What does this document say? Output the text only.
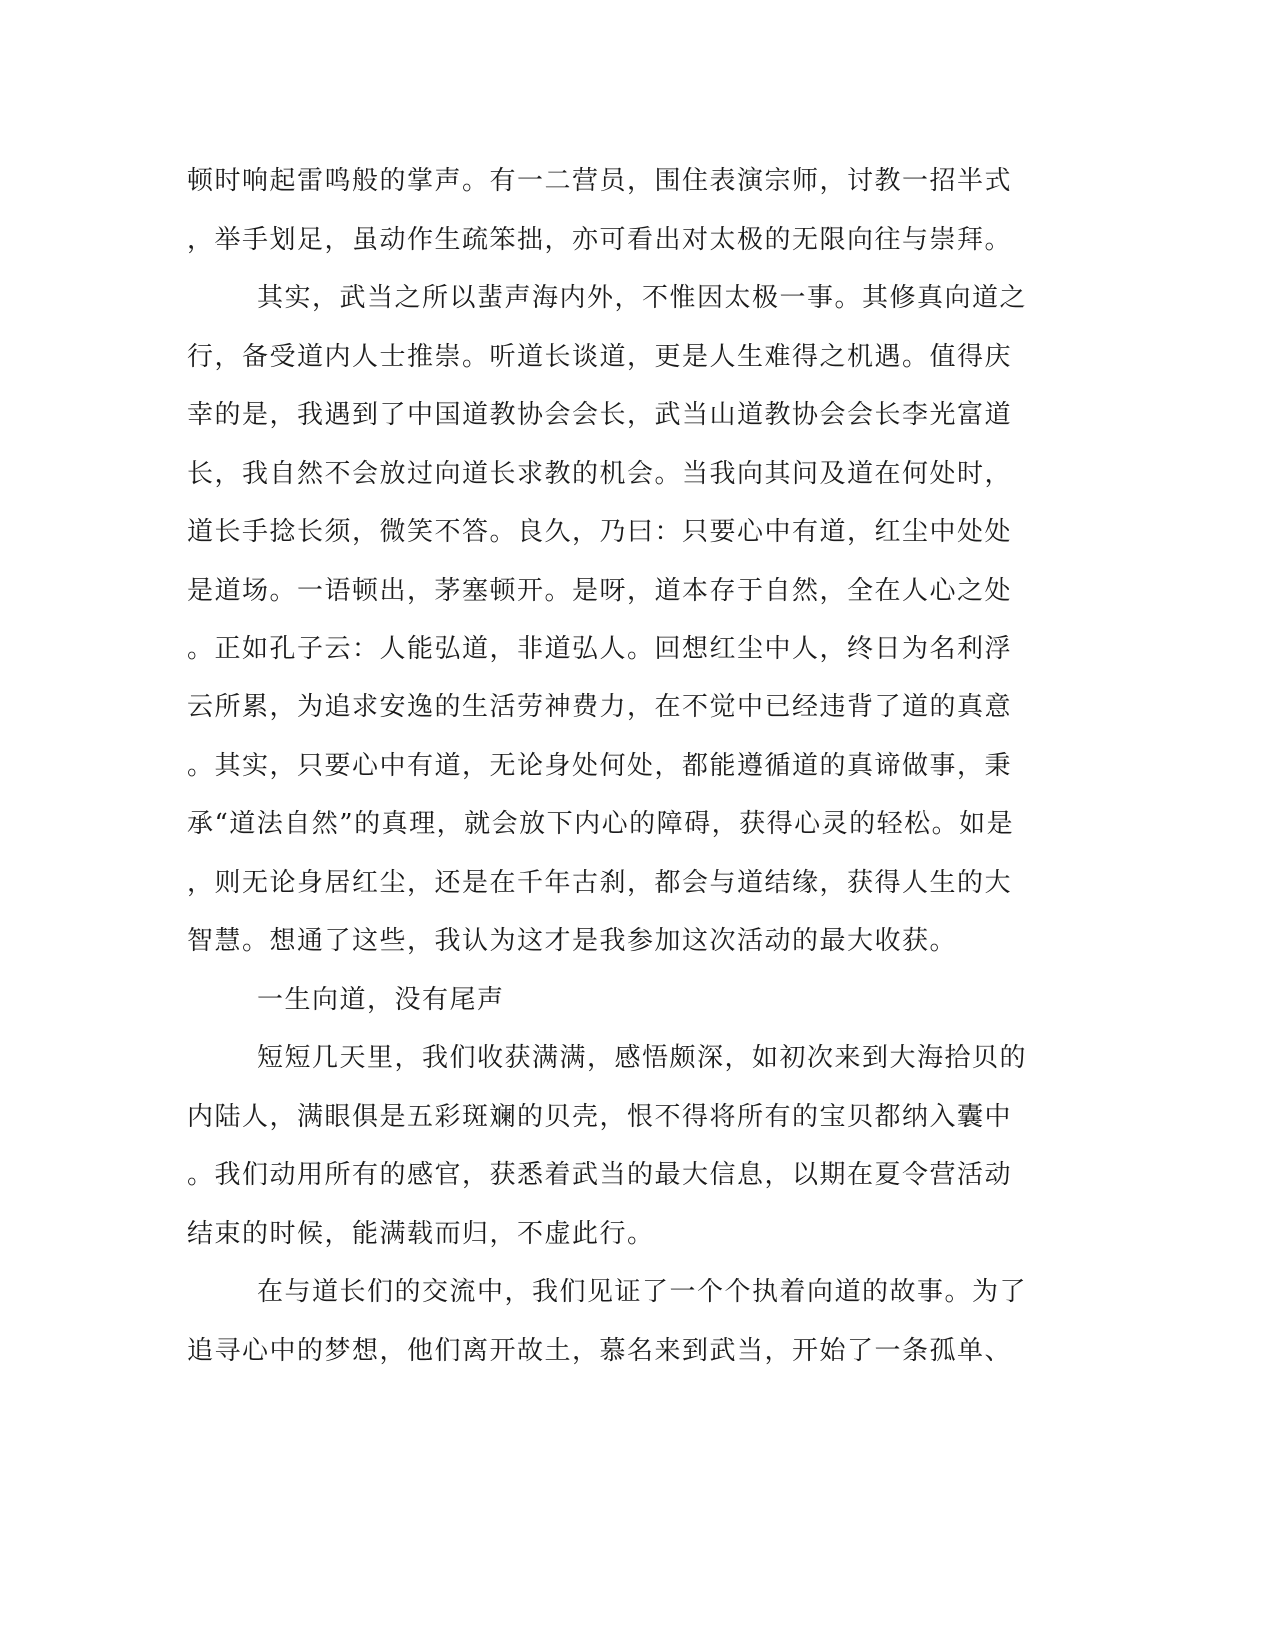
顿时响起雷鸣般的掌声。有一二营员，围住表演宗师，讨教一招半式
，举手划足，虽动作生疏笨拙，亦可看出对太极的无限向往与崇拜。
其实，武当之所以蜚声海内外，不惟因太极一事。其修真向道之
行，备受道内人士推崇。听道长谈道，更是人生难得之机遇。值得庆
幸的是，我遇到了中国道教协会会长，武当山道教协会会长李光富道
长，我自然不会放过向道长求教的机会。当我向其问及道在何处时，
道长手捻长须，微笑不答。良久，乃曰：只要心中有道，红尘中处处
是道场。一语顿出，茅塞顿开。是呀，道本存于自然，全在人心之处
。正如孔子云：人能弘道，非道弘人。回想红尘中人，终日为名利浮
云所累，为追求安逸的生活劳神费力，在不觉中已经违背了道的真意
。其实，只要心中有道，无论身处何处，都能遵循道的真谛做事，秉
承“道法自然”的真理，就会放下内心的障碍，获得心灵的轻松。如是
，则无论身居红尘，还是在千年古刹，都会与道结缘，获得人生的大
智慧。想通了这些，我认为这才是我参加这次活动的最大收获。
一生向道，没有尾声
短短几天里，我们收获满满，感悟颇深，如初次来到大海拾贝的
内陆人，满眼俱是五彩斑斓的贝壳，恨不得将所有的宝贝都纳入囊中
。我们动用所有的感官，获悉着武当的最大信息，以期在夏令营活动
结束的时候，能满载而归，不虚此行。
在与道长们的交流中，我们见证了一个个执着向道的故事。为了
追寻心中的梦想，他们离开故土，慕名来到武当，开始了一条孤单、
